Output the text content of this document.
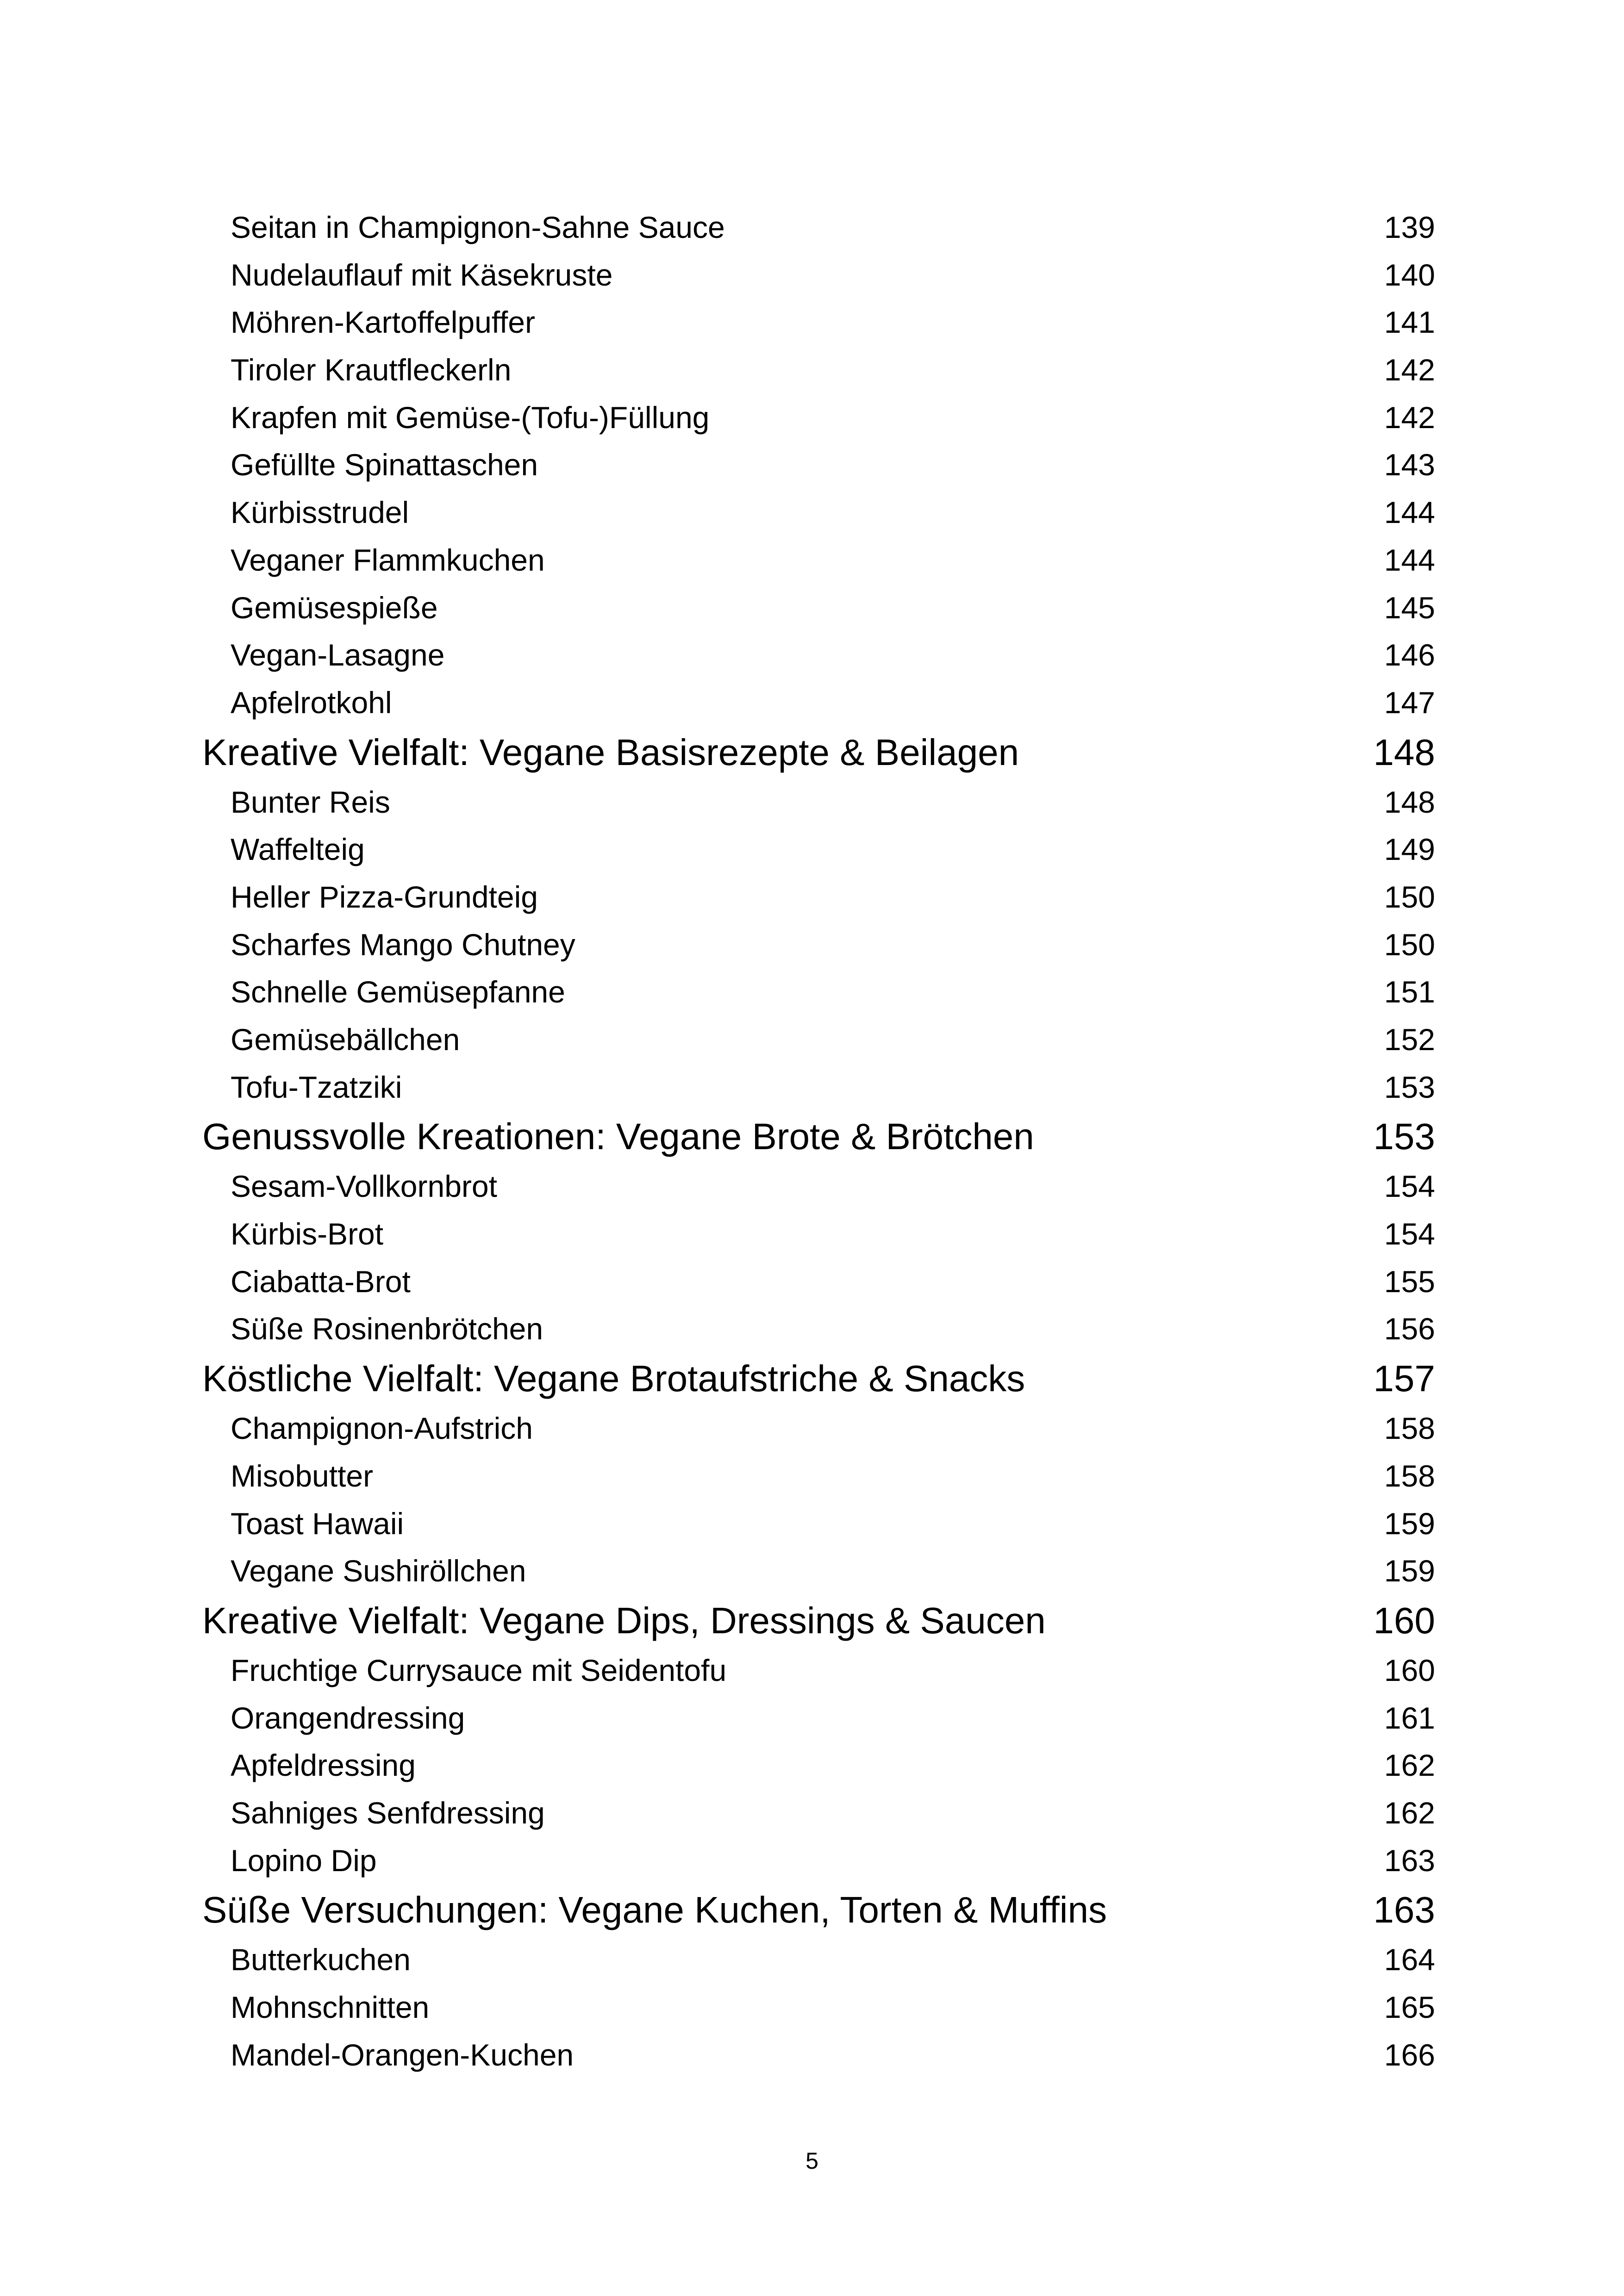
Seitan in Champignon-Sahne Sauce	139
Nudelauflauf mit Käsekruste	140
Möhren-Kartoffelpuffer	141
Tiroler Krautfleckerln	142
Krapfen mit Gemüse-(Tofu-)Füllung	142
Gefüllte Spinattaschen	143
Kürbisstrudel	144
Veganer Flammkuchen	144
Gemüsespieße	145
Vegan-Lasagne	146
Apfelrotkohl	147
Kreative Vielfalt: Vegane Basisrezepte & Beilagen	148
Bunter Reis	148
Waffelteig	149
Heller Pizza-Grundteig	150
Scharfes Mango Chutney	150
Schnelle Gemüsepfanne	151
Gemüsebällchen	152
Tofu-Tzatziki	153
Genussvolle Kreationen: Vegane Brote & Brötchen	153
Sesam-Vollkornbrot	154
Kürbis-Brot	154
Ciabatta-Brot	155
Süße Rosinenbrötchen	156
Köstliche Vielfalt: Vegane Brotaufstriche & Snacks	157
Champignon-Aufstrich	158
Misobutter	158
Toast Hawaii	159
Vegane Sushiröllchen	159
Kreative Vielfalt: Vegane Dips, Dressings & Saucen	160
Fruchtige Currysauce mit Seidentofu	160
Orangendressing	161
Apfeldressing	162
Sahniges Senfdressing	162
Lopino Dip	163
Süße Versuchungen: Vegane Kuchen, Torten & Muffins	163
Butterkuchen	164
Mohnschnitten	165
Mandel-Orangen-Kuchen	166
5
